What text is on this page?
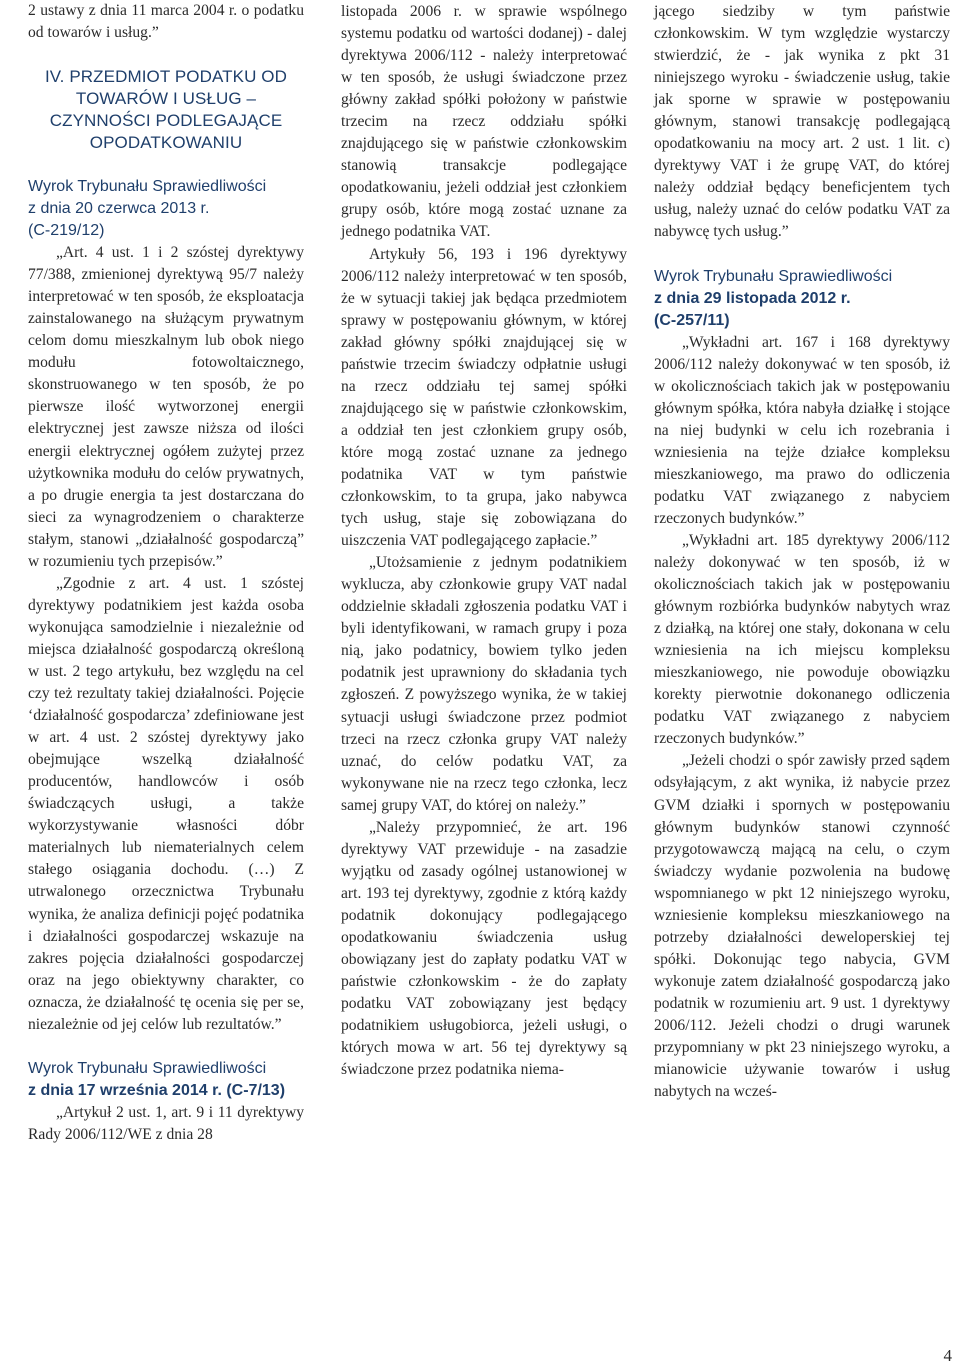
2 ustawy z dnia 11 marca 2004 r. o podatku od towarów i usług.”

IV. PRZEDMIOT PODATKU OD
TOWARÓW I USŁUG –
CZYNNOŚCI PODLEGAJĄCE
OPODATKOWANIU
Wyrok Trybunału Sprawiedliwości
z dnia 20 czerwca 2013 r.
(C-219/12)

„Art. 4 ust. 1 i 2 szóstej dyrektywy 77/388, zmienionej dyrektywą 95/7 należy interpretować w ten sposób, że eksploatacja zainstalowanego na służącym prywatnym celom domu mieszkalnym lub obok niego modułu fotowoltaicznego, skonstruowanego w ten sposób, że po pierwsze ilość wytworzonej energii elektrycznej jest zawsze niższa od ilości energii elektrycznej ogółem zużytej przez użytkownika modułu do celów prywatnych, a po drugie energia ta jest dostarczana do sieci za wynagrodzeniem o charakterze stałym, stanowi „działalność gospodarczą” w rozumieniu tych przepisów.”

„Zgodnie z art. 4 ust. 1 szóstej dyrektywy podatnikiem jest każda osoba wykonująca samodzielnie i niezależnie od miejsca działalność gospodarczą określoną w ust. 2 tego artykułu, bez względu na cel czy też rezultaty takiej działalności. Pojęcie ‘działalność gospodarcza’ zdefiniowane jest w art. 4 ust. 2 szóstej dyrektywy jako obejmujące wszelką działalność producentów, handlowców i osób świadczących usługi, a także wykorzystywanie własności dóbr materialnych lub niematerialnych celem stałego osiągania dochodu. (…) Z utrwalonego orzecznictwa Trybunału wynika, że analiza definicji pojęć podatnika i działalności gospodarczej wskazuje na zakres pojęcia działalności gospodarczej oraz na jego obiektywny charakter, co oznacza, że działalność tę ocenia się per se, niezależnie od jej celów lub rezultatów.”

Wyrok Trybunału Sprawiedliwości
z dnia 17 września 2014 r. (C-7/13)

„Artykuł 2 ust. 1, art. 9 i 11 dyrektywy Rady 2006/112/WE z dnia 28

listopada 2006 r. w sprawie wspólnego systemu podatku od wartości dodanej) - dalej dyrektywa 2006/112 - należy interpretować w ten sposób, że usługi świadczone przez główny zakład spółki położony w państwie trzecim na rzecz oddziału spółki znajdującego się w państwie członkowskim stanowią transakcje podlegające opodatkowaniu, jeżeli oddział jest członkiem grupy osób, które mogą zostać uznane za jednego podatnika VAT.

Artykuły 56, 193 i 196 dyrektywy 2006/112 należy interpretować w ten sposób, że w sytuacji takiej jak będąca przedmiotem sprawy w postępowaniu głównym, w której zakład główny spółki znajdującej się w państwie trzecim świadczy odpłatnie usługi na rzecz oddziału tej samej spółki znajdującego się w państwie członkowskim, a oddział ten jest członkiem grupy osób, które mogą zostać uznane za jednego podatnika VAT w tym państwie członkowskim, to ta grupa, jako nabywca tych usług, staje się zobowiązana do uiszczenia VAT podlegającego zapłacie.”

„Utożsamienie z jednym podatnikiem wyklucza, aby członkowie grupy VAT nadal oddzielnie składali zgłoszenia podatku VAT i byli identyfikowani, w ramach grupy i poza nią, jako podatnicy, bowiem tylko jeden podatnik jest uprawniony do składania tych zgłoszeń. Z powyższego wynika, że w takiej sytuacji usługi świadczone przez podmiot trzeci na rzecz członka grupy VAT należy uznać, do celów podatku VAT, za wykonywane nie na rzecz tego członka, lecz samej grupy VAT, do której on należy.”

„Należy przypomnieć, że art. 196 dyrektywy VAT przewiduje - na zasadzie wyjątku od zasady ogólnej ustanowionej w art. 193 tej dyrektywy, zgodnie z którą każdy podatnik dokonujący podlegającego opodatkowaniu świadczenia usług obowiązany jest do zapłaty podatku VAT w państwie członkowskim - że do zapłaty podatku VAT zobowiązany jest będący podatnikiem usługobiorca, jeżeli usługi, o których mowa w art. 56 tej dyrektywy są świadczone przez podatnika niema-

jącego siedziby w tym państwie członkowskim. W tym względzie wystarczy stwierdzić, że - jak wynika z pkt 31 niniejszego wyroku - świadczenie usług, takie jak sporne w sprawie w postępowaniu głównym, stanowi transakcję podlegającą opodatkowaniu na mocy art. 2 ust. 1 lit. c) dyrektywy VAT i że grupę VAT, do której należy oddział będący beneficjentem tych usług, należy uznać do celów podatku VAT za nabywcę tych usług.”

Wyrok Trybunału Sprawiedliwości
z dnia 29 listopada 2012 r.
(C-257/11)

„Wykładni art. 167 i 168 dyrektywy 2006/112 należy dokonywać w ten sposób, iż w okolicznościach takich jak w postępowaniu głównym spółka, która nabyła działkę i stojące na niej budynki w celu ich rozebrania i wzniesienia na tejże działce kompleksu mieszkaniowego, ma prawo do odliczenia podatku VAT związanego z nabyciem rzeczonych budynków.”

„Wykładni art. 185 dyrektywy 2006/112 należy dokonywać w ten sposób, iż w okolicznościach takich jak w postępowaniu głównym rozbiórka budynków nabytych wraz z działką, na której one stały, dokonana w celu wzniesienia na ich miejscu kompleksu mieszkaniowego, nie powoduje obowiązku korekty pierwotnie dokonanego odliczenia podatku VAT związanego z nabyciem rzeczonych budynków.”

„Jeżeli chodzi o spór zawisły przed sądem odsyłającym, z akt wynika, iż nabycie przez GVM działki i spornych w postępowaniu głównym budynków stanowi czynność przygotowawczą mającą na celu, o czym świadczy wydanie pozwolenia na budowę wspomnianego w pkt 12 niniejszego wyroku, wzniesienie kompleksu mieszkaniowego na potrzeby działalności deweloperskiej tej spółki. Dokonując tego nabycia, GVM wykonuje zatem działalność gospodarczą jako podatnik w rozumieniu art. 9 ust. 1 dyrektywy 2006/112. Jeżeli chodzi o drugi warunek przypomniany w pkt 23 niniejszego wyroku, a mianowicie używanie towarów i usług nabytych na wcześ-

4
